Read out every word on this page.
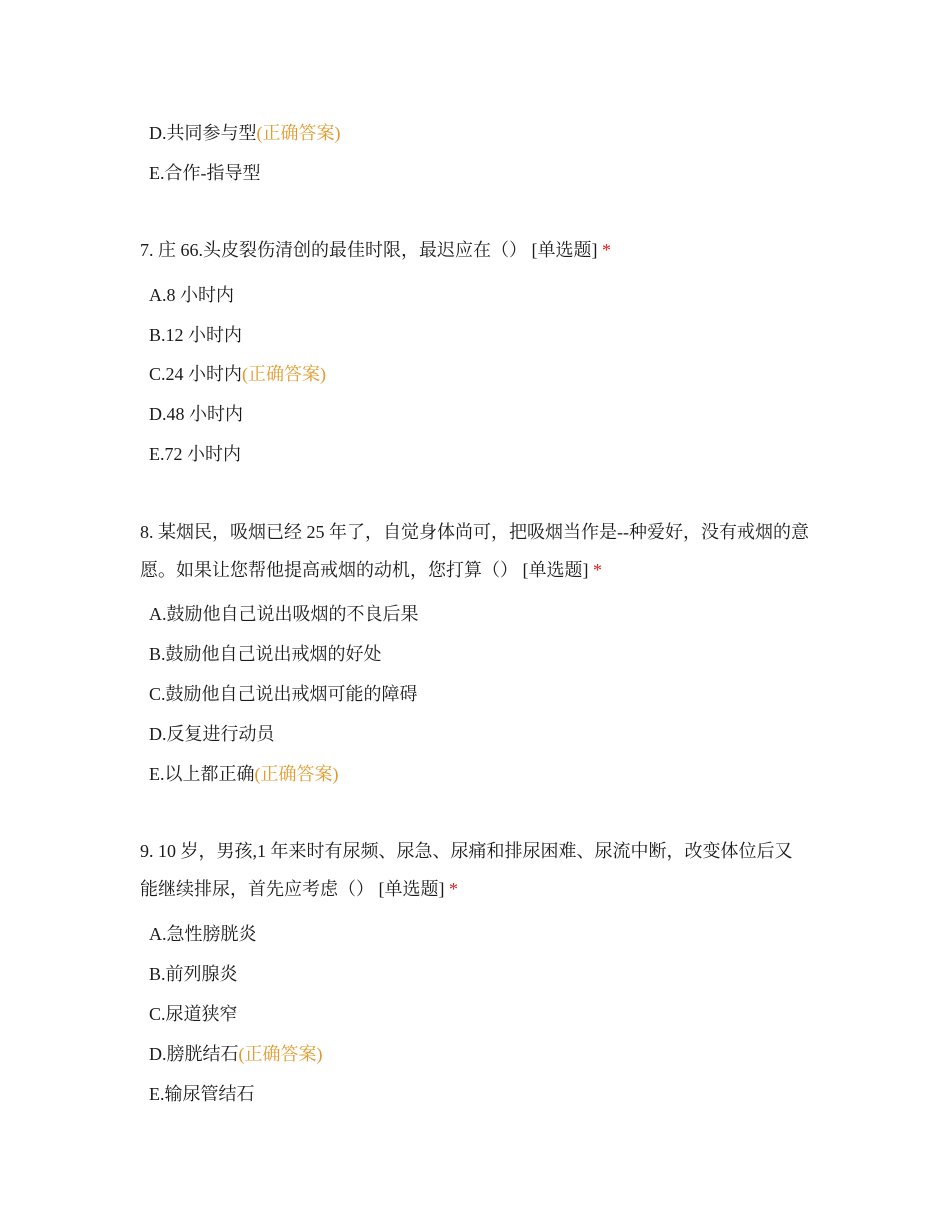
D.共同参与型(正确答案)
E.合作-指导型
7. 庄 66.头皮裂伤清创的最佳时限，最迟应在（） [单选题] *
A.8 小时内
B.12 小时内
C.24 小时内(正确答案)
D.48 小时内
E.72 小时内
8. 某烟民，吸烟已经 25 年了，自觉身体尚可，把吸烟当作是--种爱好，没有戒烟的意愿。如果让您帮他提高戒烟的动机，您打算（） [单选题] *
A.鼓励他自己说出吸烟的不良后果
B.鼓励他自己说出戒烟的好处
C.鼓励他自己说出戒烟可能的障碍
D.反复进行动员
E.以上都正确(正确答案)
9. 10 岁，男孩,1 年来时有尿频、尿急、尿痛和排尿困难、尿流中断，改变体位后又能继续排尿，首先应考虑（） [单选题] *
A.急性膀胱炎
B.前列腺炎
C.尿道狭窄
D.膀胱结石(正确答案)
E.输尿管结石
